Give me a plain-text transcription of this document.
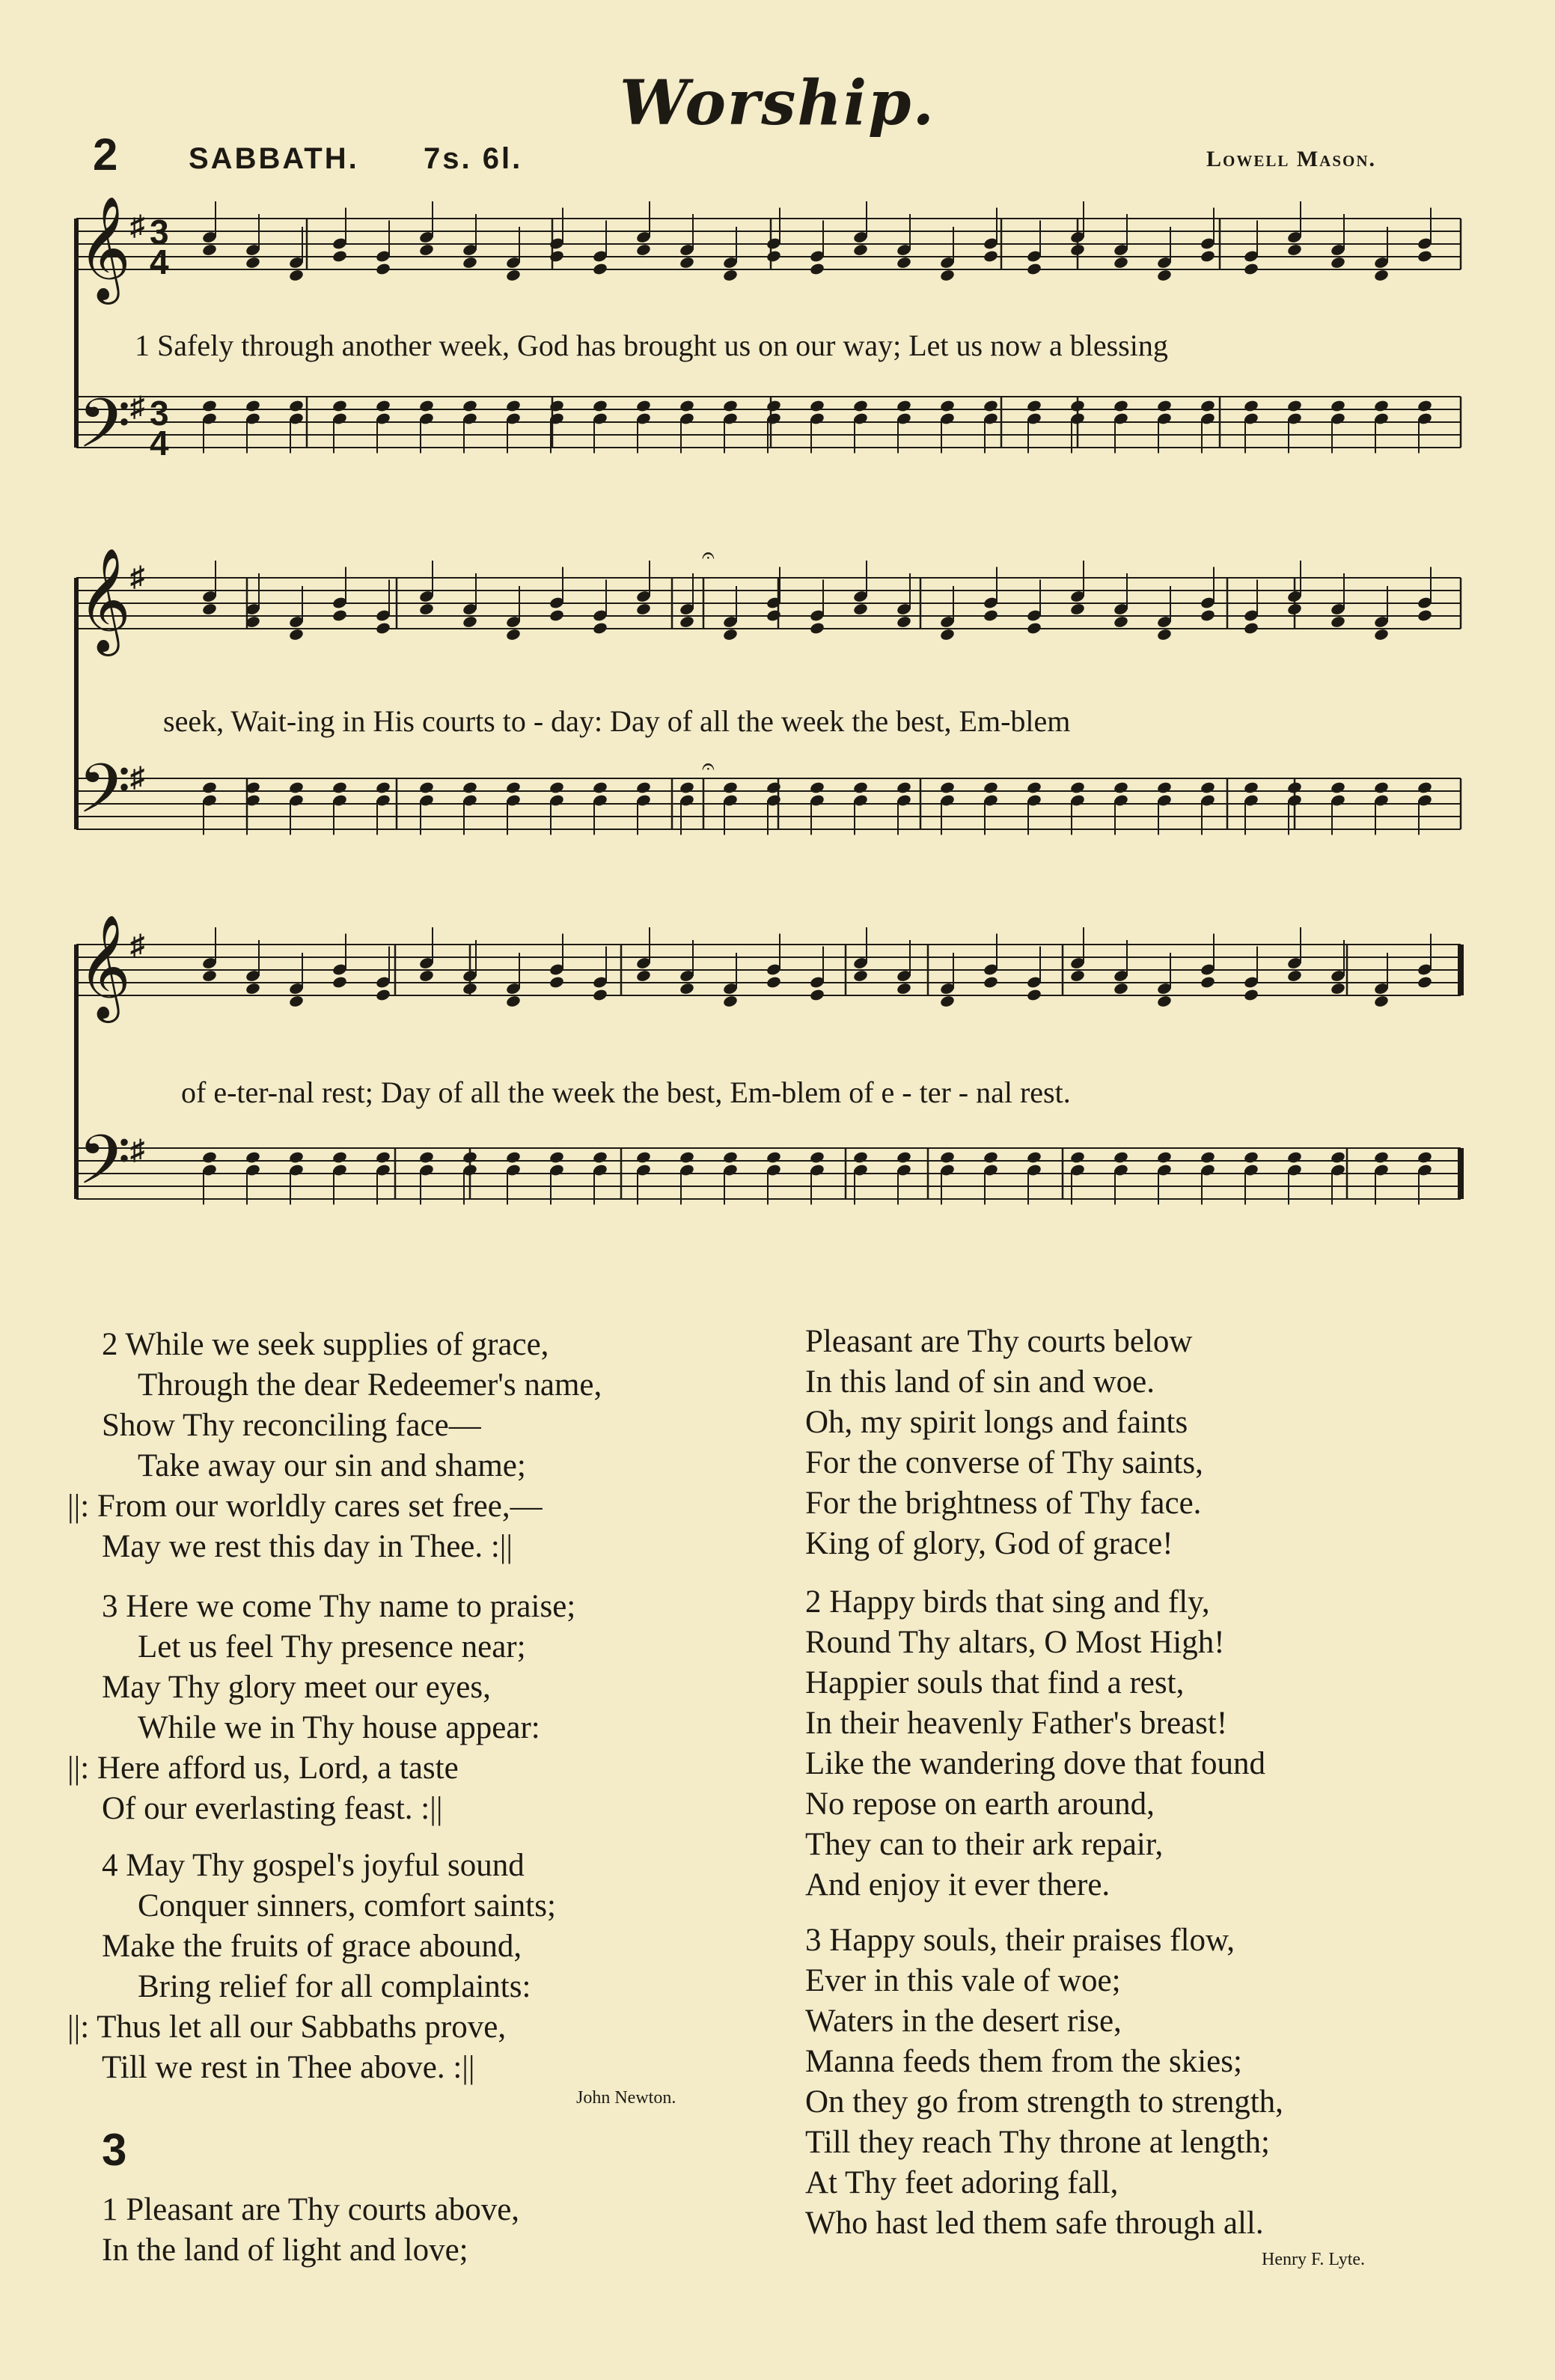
Worship.
2 SABBATH. 7s. 6l.	Lowell Mason.
𝄞
𝄢
𝄞
𝄢
𝄞
𝄢
♯
♯
♯
♯
♯
♯
3
4
3
4
𝄐
𝄐
1 Safely through another week, God has brought us on our way; Let us now a blessing
seek, Wait-ing in His courts to - day: Day of all the week the best, Em-blem
of e-ter-nal rest; Day of all the week the best, Em-blem of e - ter - nal rest.
2 While we seek supplies of grace,
Through the dear Redeemer's name,
Show Thy reconciling face—
Take away our sin and shame;
||: From our worldly cares set free,—
May we rest this day in Thee. :||
3 Here we come Thy name to praise;
Let us feel Thy presence near;
May Thy glory meet our eyes,
While we in Thy house appear:
||: Here afford us, Lord, a taste
Of our everlasting feast. :||
4 May Thy gospel's joyful sound
Conquer sinners, comfort saints;
Make the fruits of grace abound,
Bring relief for all complaints:
||: Thus let all our Sabbaths prove,
Till we rest in Thee above. :||
John Newton.
3
1 Pleasant are Thy courts above,
In the land of light and love;
Pleasant are Thy courts below
In this land of sin and woe.
Oh, my spirit longs and faints
For the converse of Thy saints,
For the brightness of Thy face.
King of glory, God of grace!
2 Happy birds that sing and fly,
Round Thy altars, O Most High!
Happier souls that find a rest,
In their heavenly Father's breast!
Like the wandering dove that found
No repose on earth around,
They can to their ark repair,
And enjoy it ever there.
3 Happy souls, their praises flow,
Ever in this vale of woe;
Waters in the desert rise,
Manna feeds them from the skies;
On they go from strength to strength,
Till they reach Thy throne at length;
At Thy feet adoring fall,
Who hast led them safe through all.
Henry F. Lyte.
